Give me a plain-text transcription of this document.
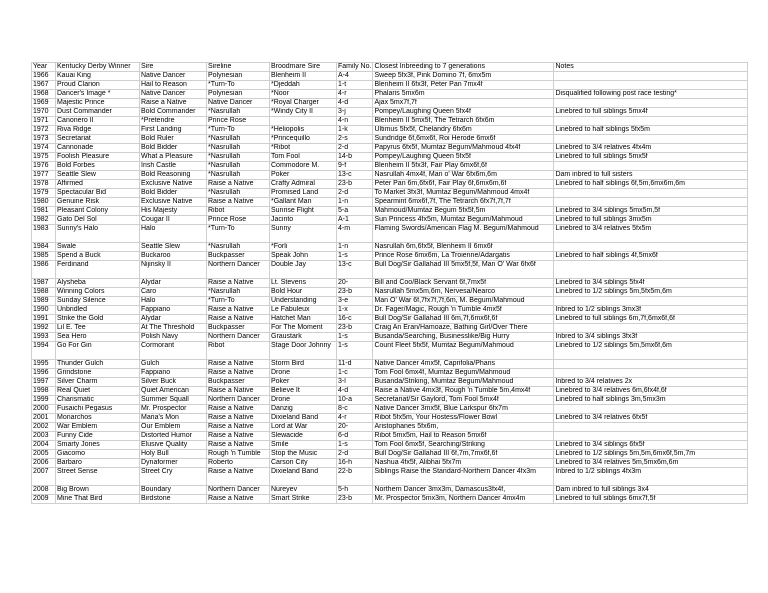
Year	Kentucky Derby Winner	Sire	Sireline	Broodmare Sire	Family No.	Closest Inbreeding to 7 generations	Notes
1966	Kauai King	Native Dancer	Polynesian	Blenheim II	A-4	Sweep 5fx3f, Pink Domino 7f, 6mx5m	
1967	Proud Clarion	Hail to Reason	*Turn-To	*Djeddah	1-t	Blenheim II 6fx3f, Peter Pan 7mx4f	
1968	Dancer's Image *	Native Dancer	Polynesian	*Noor	4-r	Phalaris 5mx6m	Disqualified following post race testing*
1969	Majestic Prince	Raise a Native	Native Dancer	*Royal Charger	4-d	Ajax 5mx7f,7f	
1970	Dust Commander	Bold Commander	*Nasrullah	*Windy City II	3-j	Pompey/Laughing Queen 5fx4f	Linebred to full siblings 5mx4f
1971	Canonero II	*Pretendre	Prince Rose		4-n	Blenheim II 5mx5f, The Tetrarch 6fx6m	
1972	Riva Ridge	First Landing	*Turn-To	*Heliopolis	1-k	Ultimus 5fx5f, Chelandry 6fx6m	Linebred to half siblings 5fx5m
1973	Secretariat	Bold Ruler	*Nasrullah	*Princequillo	2-s	Sundridge 6f,6mx6f, Roi Herode 6mx6f	
1974	Cannonade	Bold Bidder	*Nasrullah	*Ribot	2-d	Papyrus 6fx5f, Mumtaz Begum/Mahmoud 4fx4f	Linebred to 3/4 relatives 4fx4m
1975	Foolish Pleasure	What a Pleasure	*Nasrullah	Tom Fool	14-b	Pompey/Laughing Queen 5fx5f	Linebred to full siblings 5mx5f
1976	Bold Forbes	Irish Castle	*Nasrullah	Commodore M.	9-f	Blenheim II 5fx3f, Fair Play 6mx6f,6f	
1977	Seattle Slew	Bold Reasoning	*Nasrullah	Poker	13-c	Nasrullah 4mx4f, Man o' War 6fx6m,6m	Dam inbred to full sisters
1978	Affirmed	Exclusive Native	Raise a Native	Crafty Admiral	23-b	Peter Pan 6m,6fx6f, Fair Play 6f,6mx6m,6f	Linebred to half siblings 6f,5m,6mx6m,6m
1979	Spectacular Bid	Bold Bidder	*Nasrullah	Promised Land	2-d	To Market 3fx3f, Mumtaz Begum/Mahmoud 4mx4f	
1980	Genuine Risk	Exclusive Native	Raise a Native	*Gallant Man	1-n	Spearmint 6mx6f,7f, The Tetrarch 6fx7f,7f,7f	
1981	Pleasant Colony	His Majesty	Ribot	Sunrise Flight	5-a	Mahmoud/Mumtaz Begum 5fx5f,5m	Linebred to 3/4 siblings 5mx5m,5f
1982	Gato Del Sol	Cougar II	Prince Rose	Jacinto	A-1	Sun Princess 4fx5m, Mumtaz Begum/Mahmoud	Linebred to full siblings 3mx5m
1983	Sunny's Halo	Halo	*Turn-To	Sunny	4-m	Flaming Swords/American Flag M. Begum/Mahmoud	Linebred to 3/4 relatives 5fx5m
1984	Swale	Seattle Slew	*Nasrullah	*Forli	1-n	Nasrullah 6m,6fx5f, Blenheim II 6mx6f	
1985	Spend a Buck	Buckaroo	Buckpasser	Speak John	1-s	Prince Rose 6mx6m, La Troienne/Adargatis	Linebred to half siblings 4f,5mx6f
1986	Ferdinand	Nijinsky II	Northern Dancer	Double Jay	13-c	Bull Dog/Sir Gallahad III 5mx5f,5f, Man O' War 6fx6f	
1987	Alysheba	Alydar	Raise a Native	Lt. Stevens	20-	Bill and Coo/Black Servant 6f,7mx5f	Linebred to 3/4 siblings 5fx4f
1988	Winning Colors	Caro	*Nasrullah	Bold Hour	23-b	Nasrullah 5mx5m,6m, Nervesa/Nearco	Linebred to 1/2 siblings 5m,5fx5m,6m
1989	Sunday Silence	Halo	*Turn-To	Understanding	3-e	Man O' War 6f,7fx7f,7f,6m, M. Begum/Mahmoud	
1990	Unbridled	Fappiano	Raise a Native	Le Fabuleux	1-x	Dr. Fager/Magic, Rough 'n Tumble 4mx5f	Inbred to 1/2 siblings 3mx3f
1991	Strike the Gold	Alydar	Raise a Native	Hatchet Man	16-c	Bull Dog/Sir Gallahad III 6m,7f,6mx6f,6f	Linebred to full siblings 6m,7f,6mx6f,6f
1992	Lil E. Tee	At The Threshold	Buckpasser	For The Moment	23-b	Craig An Eran/Hamoaze, Bathing Girl/Over There	
1993	Sea Hero	Polish Navy	Northern Dancer	Graustark	1-s	Busanda/Searching, Businesslike/Big Hurry	Inbred to 3/4 siblings 3fx3f
1994	Go For Gin	Cormorant	Ribot	Stage Door Johnny	1-s	Count Fleet 5fx5f, Mumtaz Begum/Mahmoud	Linebred to 1/2 siblings 5m,5mx6f,6m
1995	Thunder Gulch	Gulch	Raise a Native	Storm Bird	11-d	Native Dancer 4mx5f, Caprifolia/Pharis	
1996	Grindstone	Fappiano	Raise a Native	Drone	1-c	Tom Fool 6mx4f, Mumtaz Begum/Mahmoud	
1997	Silver Charm	Silver Buck	Buckpasser	Poker	3-l	Busanda/Striking, Mumtaz Begum/Mahmoud	Inbred to 3/4 relatives 2x
1998	Real Quiet	Quiet American	Raise a Native	Believe It	4-d	Raise a Native 4mx3f, Rough 'n Tumble 5m,4mx4f	Linebred to 3/4 relatives 6m,6fx4f,6f
1999	Charismatic	Summer Squall	Northern Dancer	Drone	10-a	Secretariat/Sir Gaylord, Tom Fool 5mx4f	Linebred to half siblings 3m,5mx3m
2000	Fusaichi Pegasus	Mr. Prospector	Raise a Native	Danzig	8-c	Native Dancer 3mx5f, Blue Larkspur 6fx7m	
2001	Monarchos	Maria's Mon	Raise a Native	Dixieland Band	4-r	Ribot 5fx5m, Your Hostess/Flower Bowl	Linebred to 3/4 relatives 6fx5f
2002	War Emblem	Our Emblem	Raise a Native	Lord at War	20-	Aristophanes 5fx6m,	
2003	Funny Cide	Distorted Humor	Raise a Native	Slewacide	6-d	Ribot 5mx5m, Hail to Reason 5mx6f	
2004	Smarty Jones	Elusive Quality	Raise a Native	Smile	1-s	Tom Fool 6mx5f, Searching/Striking	Linebred to 3/4 siblings 6fx5f
2005	Giacomo	Holy Bull	Rough 'n Tumble	Stop the Music	2-d	Bull Dog/Sir Gallahad III 6f,7m,7mx6f,6f	Linebred to 1/2 siblings 5m,5m,6mx6f,5m,7m
2006	Barbaro	Dynaformer	Roberto	Carson City	16-h	Nashua 4fx5f, Alibhai 5fx7m	Linebred to 3/4 relatives 5m,5mx6m,6m
2007	Street Sense	Street Cry	Raise a Native	Dixieland Band	22-b	Siblings Raise the Standard-Northern Dancer 4fx3m	Inbred to 1/2 siblings 4fx3m
2008	Big Brown	Boundary	Northern Dancer	Nureyev	5-h	Northern Dancer 3mx3m, Damascus3fx4f,	Dam inbred to full siblings 3x4
2009	Mine That Bird	Birdstone	Raise a Native	Smart Strike	23-b	Mr. Prospector 5mx3m, Northern Dancer 4mx4m	Linebred to full siblings 6mx7f,5f
